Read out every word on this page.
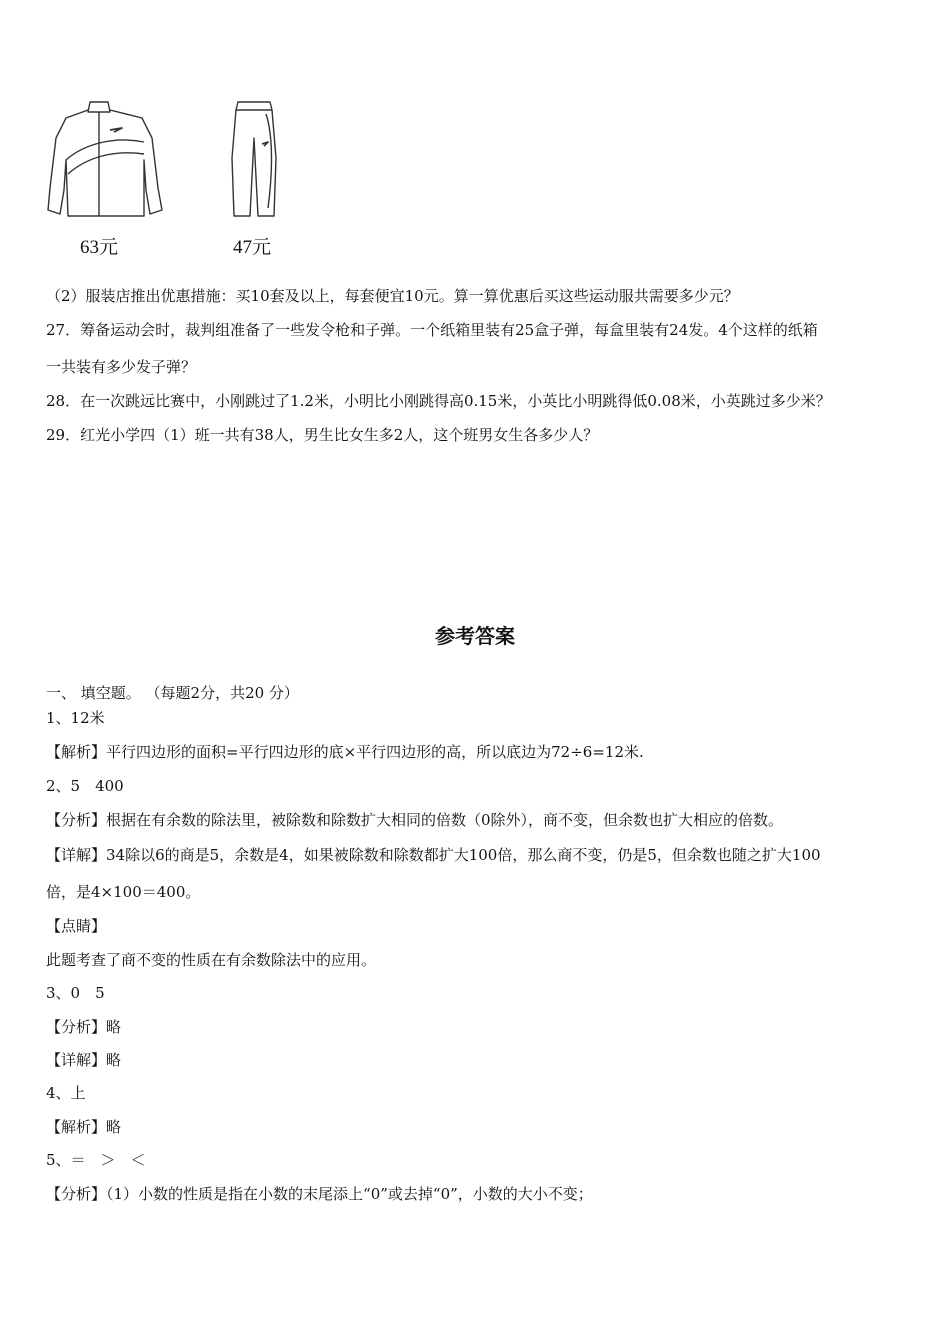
63元	47元
（2）服装店推出优惠措施：买10套及以上，每套便宜10元。算一算优惠后买这些运动服共需要多少元？
27．筹备运动会时，裁判组准备了一些发令枪和子弹。一个纸箱里装有25盒子弹，每盒里装有24发。4个这样的纸箱
一共装有多少发子弹？
28．在一次跳远比赛中，小刚跳过了1.2米，小明比小刚跳得高0.15米，小英比小明跳得低0.08米，小英跳过多少米？
29．红光小学四（1）班一共有38人，男生比女生多2人，这个班男女生各多少人？
参考答案
一、 填空题。 （每题2分，共20 分）
1、12米
【解析】平行四边形的面积=平行四边形的底×平行四边形的高，所以底边为72÷6=12米.
2、5　400
【分析】根据在有余数的除法里，被除数和除数扩大相同的倍数（0除外），商不变，但余数也扩大相应的倍数。
【详解】34除以6的商是5，余数是4，如果被除数和除数都扩大100倍，那么商不变，仍是5，但余数也随之扩大100
倍，是4×100＝400。
【点睛】
此题考查了商不变的性质在有余数除法中的应用。
3、0　5
【分析】略
【详解】略
4、上
【解析】略
5、＝　＞　＜
【分析】（1）小数的性质是指在小数的末尾添上“0”或去掉“0”，小数的大小不变；
